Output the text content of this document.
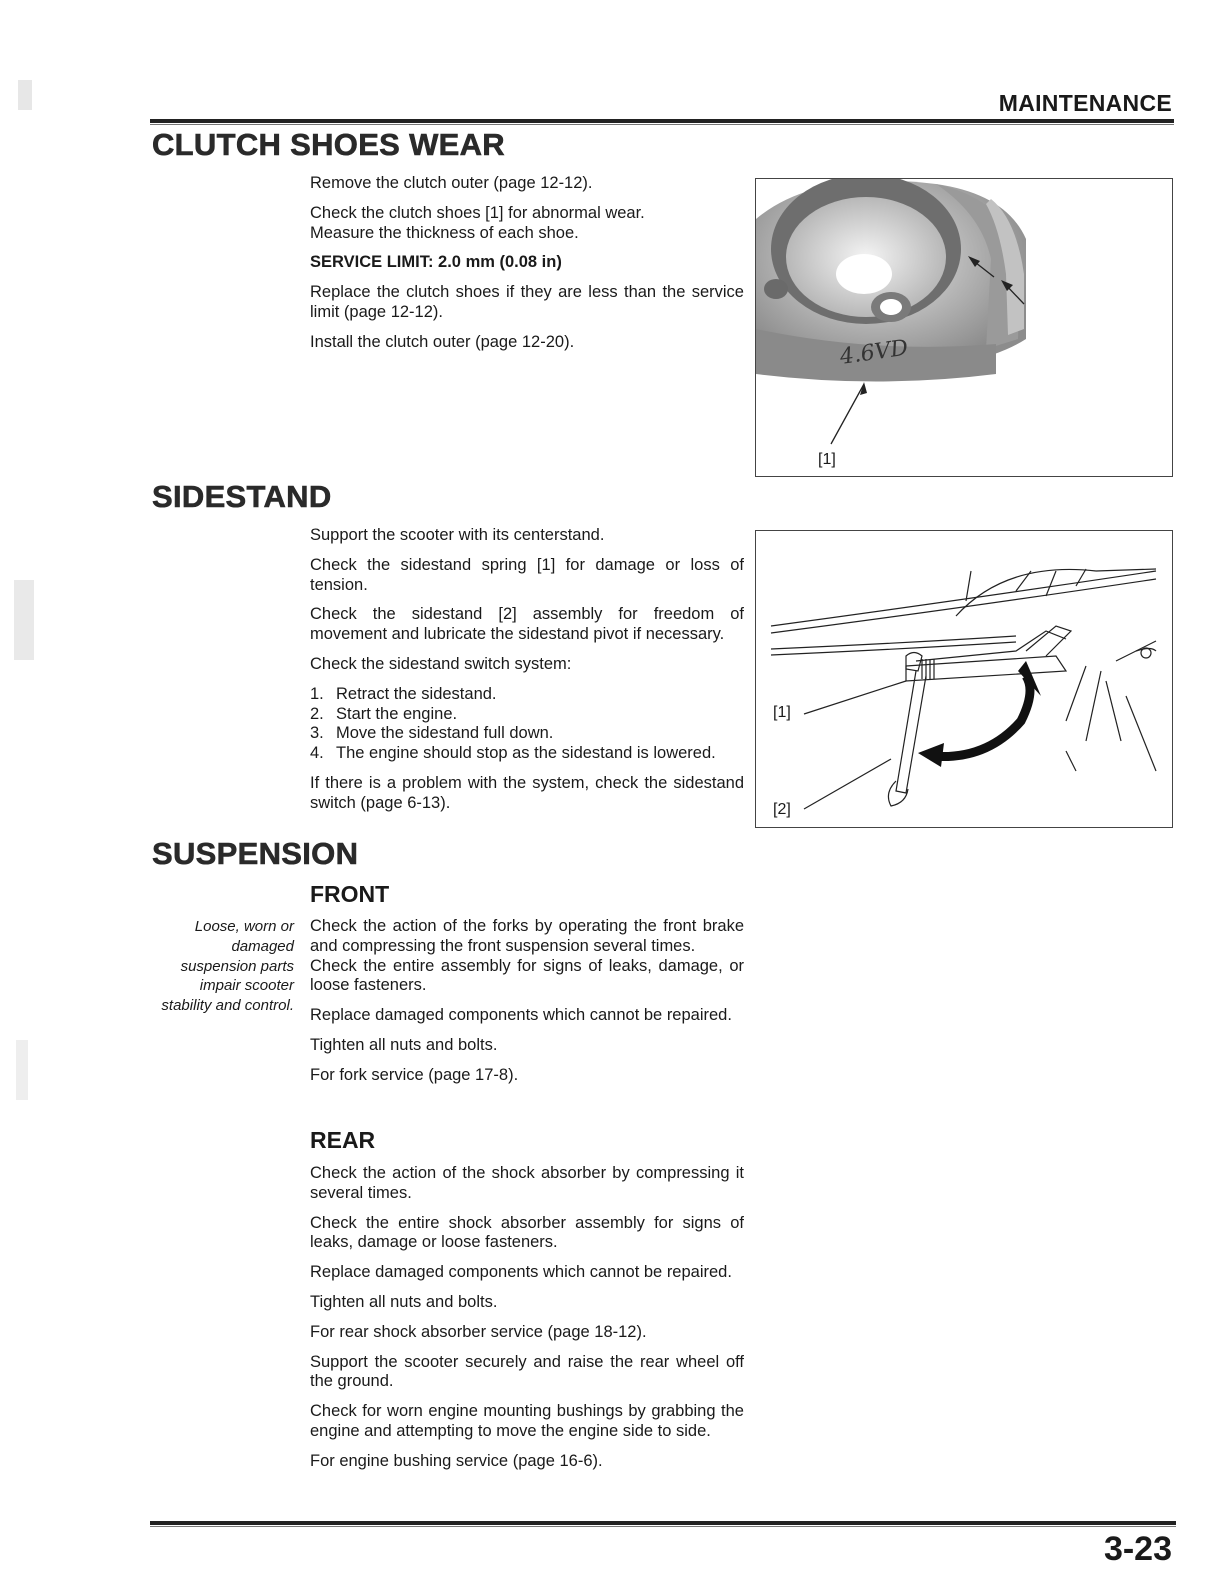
MAINTENANCE
CLUTCH SHOES WEAR

Remove the clutch outer (page 12-12).

Check the clutch shoes [1] for abnormal wear.

Measure the thickness of each shoe.

SERVICE LIMIT: 2.0 mm (0.08 in)

Replace the clutch shoes if they are less than the service limit (page 12-12).

Install the clutch outer (page 12-20).	4.6VD
[1]
SIDESTAND

Support the scooter with its centerstand.

Check the sidestand spring [1] for damage or loss of tension.

Check the sidestand [2] assembly for freedom of movement and lubricate the sidestand pivot if necessary.

Check the sidestand switch system:

1. Retract the sidestand.
2. Start the engine.
3. Move the sidestand full down.
4. The engine should stop as the sidestand is lowered.

If there is a problem with the system, check the sidestand switch (page 6-13).

[1]
[2]
SUSPENSION
FRONT
Loose, worn or
damaged
suspension parts
impair scooter
stability and control.

Check the action of the forks by operating the front brake and compressing the front suspension several times.

Check the entire assembly for signs of leaks, damage, or loose fasteners.

Replace damaged components which cannot be repaired.

Tighten all nuts and bolts.

For fork service (page 17-8).

REAR

Check the action of the shock absorber by compressing it several times.

Check the entire shock absorber assembly for signs of leaks, damage or loose fasteners.

Replace damaged components which cannot be repaired.

Tighten all nuts and bolts.

For rear shock absorber service (page 18-12).

Support the scooter securely and raise the rear wheel off the ground.

Check for worn engine mounting bushings by grabbing the engine and attempting to move the engine side to side.

For engine bushing service (page 16-6).

3-23
